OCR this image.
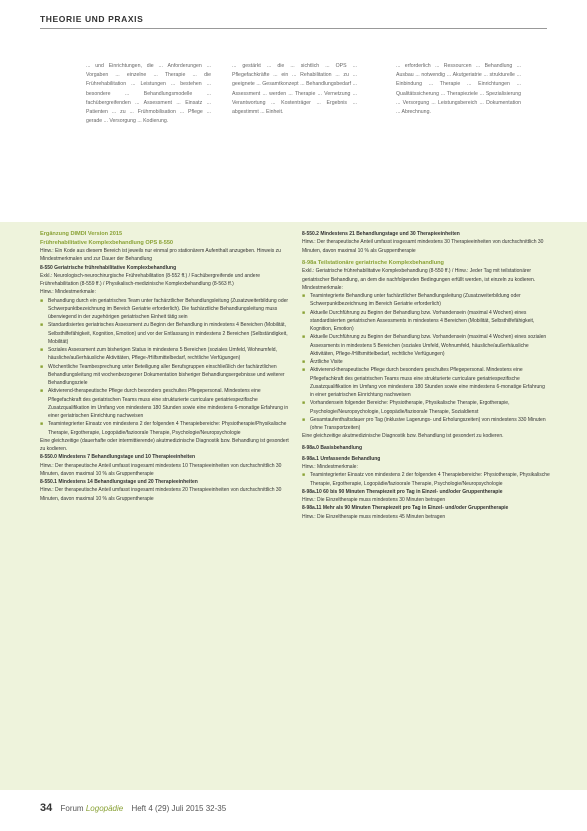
THEORIE UND PRAXIS
... und Einrichtungen, die ... Anforderungen ... Vorgaben ... einzelne ... Therapie ... die Frührehabilitation ... Leistungen ... bestehen ... besondere ... Behandlungsmodelle ... fachübergreifenden ... Assessment ... Einsatz ... Patienten ... zu ... Frühmobilisation ... Pflege ... gerade ... Versorgung ... Kodierung.
... gestärkt ... die ... sichtlich ... OPS ... Pflegefachkräfte ... ein ... Rehabilitation ... zu ... geeignete ... Gesamtkonzept ... Behandlungsbedarf ... Assessment ... werden ... Therapie ... Vernetzung ... Verantwortung ... Kostenträger ... Ergebnis ... abgestimmt ... Einheit.
... erforderlich ... Ressourcen ... Behandlung ... Ausbau ... notwendig ... Akutgeriatrie ... strukturelle ... Einbindung ... Therapie ... Einrichtungen ... Qualitätssicherung ... Therapieziele ... Spezialisierung ... Versorgung ... Leistungsbereich ... Dokumentation ... Abrechnung.

Ergänzung DIMDI Version 2015

Frührehabilitative Komplexbehandlung OPS 8-550

Hinw.: Ein Kode aus diesem Bereich ist jeweils nur einmal pro stationärem Aufenthalt anzugeben. Hinweis zu Mindestmerkmalen und zur Dauer der Behandlung

8-550 Geriatrische frührehabilitative Komplexbehandlung

Exkl.: Neurologisch-neurochirurgische Frührehabilitation (8-552 ff.) / Fachübergreifende und andere Frührehabilitation (8-559 ff.) / Physikalisch-medizinische Komplexbehandlung (8-563 ff.)

Hinw.: Mindestmerkmale:

■ Behandlung durch ein geriatrisches Team unter fachärztlicher Behandlungsleitung (Zusatzweiterbildung oder Schwerpunktbezeichnung im Bereich Geriatrie erforderlich). Die fachärztliche Behandlungsleitung muss überwiegend in der zugehörigen geriatrischen Einheit tätig sein
■ Standardisiertes geriatrisches Assessment zu Beginn der Behandlung in mindestens 4 Bereichen (Mobilität, Selbsthilfefähigkeit, Kognition, Emotion) und vor der Entlassung in mindestens 2 Bereichen (Selbständigkeit, Mobilität)
■ Soziales Assessment zum bisherigen Status in mindestens 5 Bereichen (soziales Umfeld, Wohnumfeld, häusliche/außerhäusliche Aktivitäten, Pflege-/Hilfsmittelbedarf, rechtliche Verfügungen)
■ Wöchentliche Teambesprechung unter Beteiligung aller Berufsgruppen einschließlich der fachärztlichen Behandlungsleitung mit wochenbezogener Dokumentation bisheriger Behandlungsergebnisse und weiterer Behandlungsziele
■ Aktivierend-therapeutische Pflege durch besonders geschultes Pflegepersonal. Mindestens eine Pflegefachkraft des geriatrischen Teams muss eine strukturierte curriculare geriatriespezifische Zusatzqualifikation im Umfang von mindestens 180 Stunden sowie eine mindestens 6-monatige Erfahrung in einer geriatrischen Einrichtung nachweisen
■ Teamintegrierter Einsatz von mindestens 2 der folgenden 4 Therapiebereiche: Physiotherapie/Physikalische Therapie, Ergotherapie, Logopädie/fazioorale Therapie, Psychologie/Neuropsychologie

Eine gleichzeitige (dauerhafte oder intermittierende) akutmedizinische Diagnostik bzw. Behandlung ist gesondert zu kodieren.

8-550.0 Mindestens 7 Behandlungstage und 10 Therapieeinheiten

Hinw.: Der therapeutische Anteil umfasst insgesamt mindestens 10 Therapieeinheiten von durchschnittlich 30 Minuten, davon maximal 10 % als Gruppentherapie

8-550.1 Mindestens 14 Behandlungstage und 20 Therapieeinheiten

Hinw.: Der therapeutische Anteil umfasst insgesamt mindestens 20 Therapieeinheiten von durchschnittlich 30 Minuten, davon maximal 10 % als Gruppentherapie

8-550.2 Mindestens 21 Behandlungstage und 30 Therapieeinheiten

Hinw.: Der therapeutische Anteil umfasst insgesamt mindestens 30 Therapieeinheiten von durchschnittlich 30 Minuten, davon maximal 10 % als Gruppentherapie

8-98a Teilstationäre geriatrische Komplexbehandlung

Exkl.: Geriatrische frührehabilitative Komplexbehandlung (8-550 ff.) / Hinw.: Jeder Tag mit teilstationärer geriatrischer Behandlung, an dem die nachfolgenden Bedingungen erfüllt werden, ist einzeln zu kodieren. Mindestmerkmale:

■ Teamintegrierte Behandlung unter fachärztlicher Behandlungsleitung (Zusatzweiterbildung oder Schwerpunktbezeichnung im Bereich Geriatrie erforderlich)
■ Aktuelle Durchführung zu Beginn der Behandlung bzw. Vorhandensein (maximal 4 Wochen) eines standardisierten geriatrischen Assessments in mindestens 4 Bereichen (Mobilität, Selbsthilfefähigkeit, Kognition, Emotion)
■ Aktuelle Durchführung zu Beginn der Behandlung bzw. Vorhandensein (maximal 4 Wochen) eines sozialen Assessments in mindestens 5 Bereichen (soziales Umfeld, Wohnumfeld, häusliche/außerhäusliche Aktivitäten, Pflege-/Hilfsmittelbedarf, rechtliche Verfügungen)
■ Ärztliche Visite
■ Aktivierend-therapeutische Pflege durch besonders geschultes Pflegepersonal. Mindestens eine Pflegefachkraft des geriatrischen Teams muss eine strukturierte curriculare geriatriespezifische Zusatzqualifikation im Umfang von mindestens 180 Stunden sowie eine mindestens 6-monatige Erfahrung in einer geriatrischen Einrichtung nachweisen
■ Vorhandensein folgender Bereiche: Physiotherapie, Physikalische Therapie, Ergotherapie, Psychologie/Neuropsychologie, Logopädie/fazioorale Therapie, Sozialdienst
■ Gesamtaufenthaltsdauer pro Tag (inklusive Lagerungs- und Erholungszeiten) von mindestens 330 Minuten (ohne Transportzeiten)

Eine gleichzeitige akutmedizinische Diagnostik bzw. Behandlung ist gesondert zu kodieren.

8-98a.0 Basisbehandlung

8-98a.1 Umfassende Behandlung

Hinw.: Mindestmerkmale:

■ Teamintegrierter Einsatz von mindestens 2 der folgenden 4 Therapiebereiche: Physiotherapie, Physikalische Therapie, Ergotherapie, Logopädie/fazioorale Therapie, Psychologie/Neuropsychologie

8-98a.10 60 bis 90 Minuten Therapiezeit pro Tag in Einzel- und/oder Gruppentherapie

Hinw.: Die Einzeltherapie muss mindestens 30 Minuten betragen

8-98a.11 Mehr als 90 Minuten Therapiezeit pro Tag in Einzel- und/oder Gruppentherapie

Hinw.: Die Einzeltherapie muss mindestens 45 Minuten betragen

34 Forum Logopädie Heft 4 (29) Juli 2015 32-35
